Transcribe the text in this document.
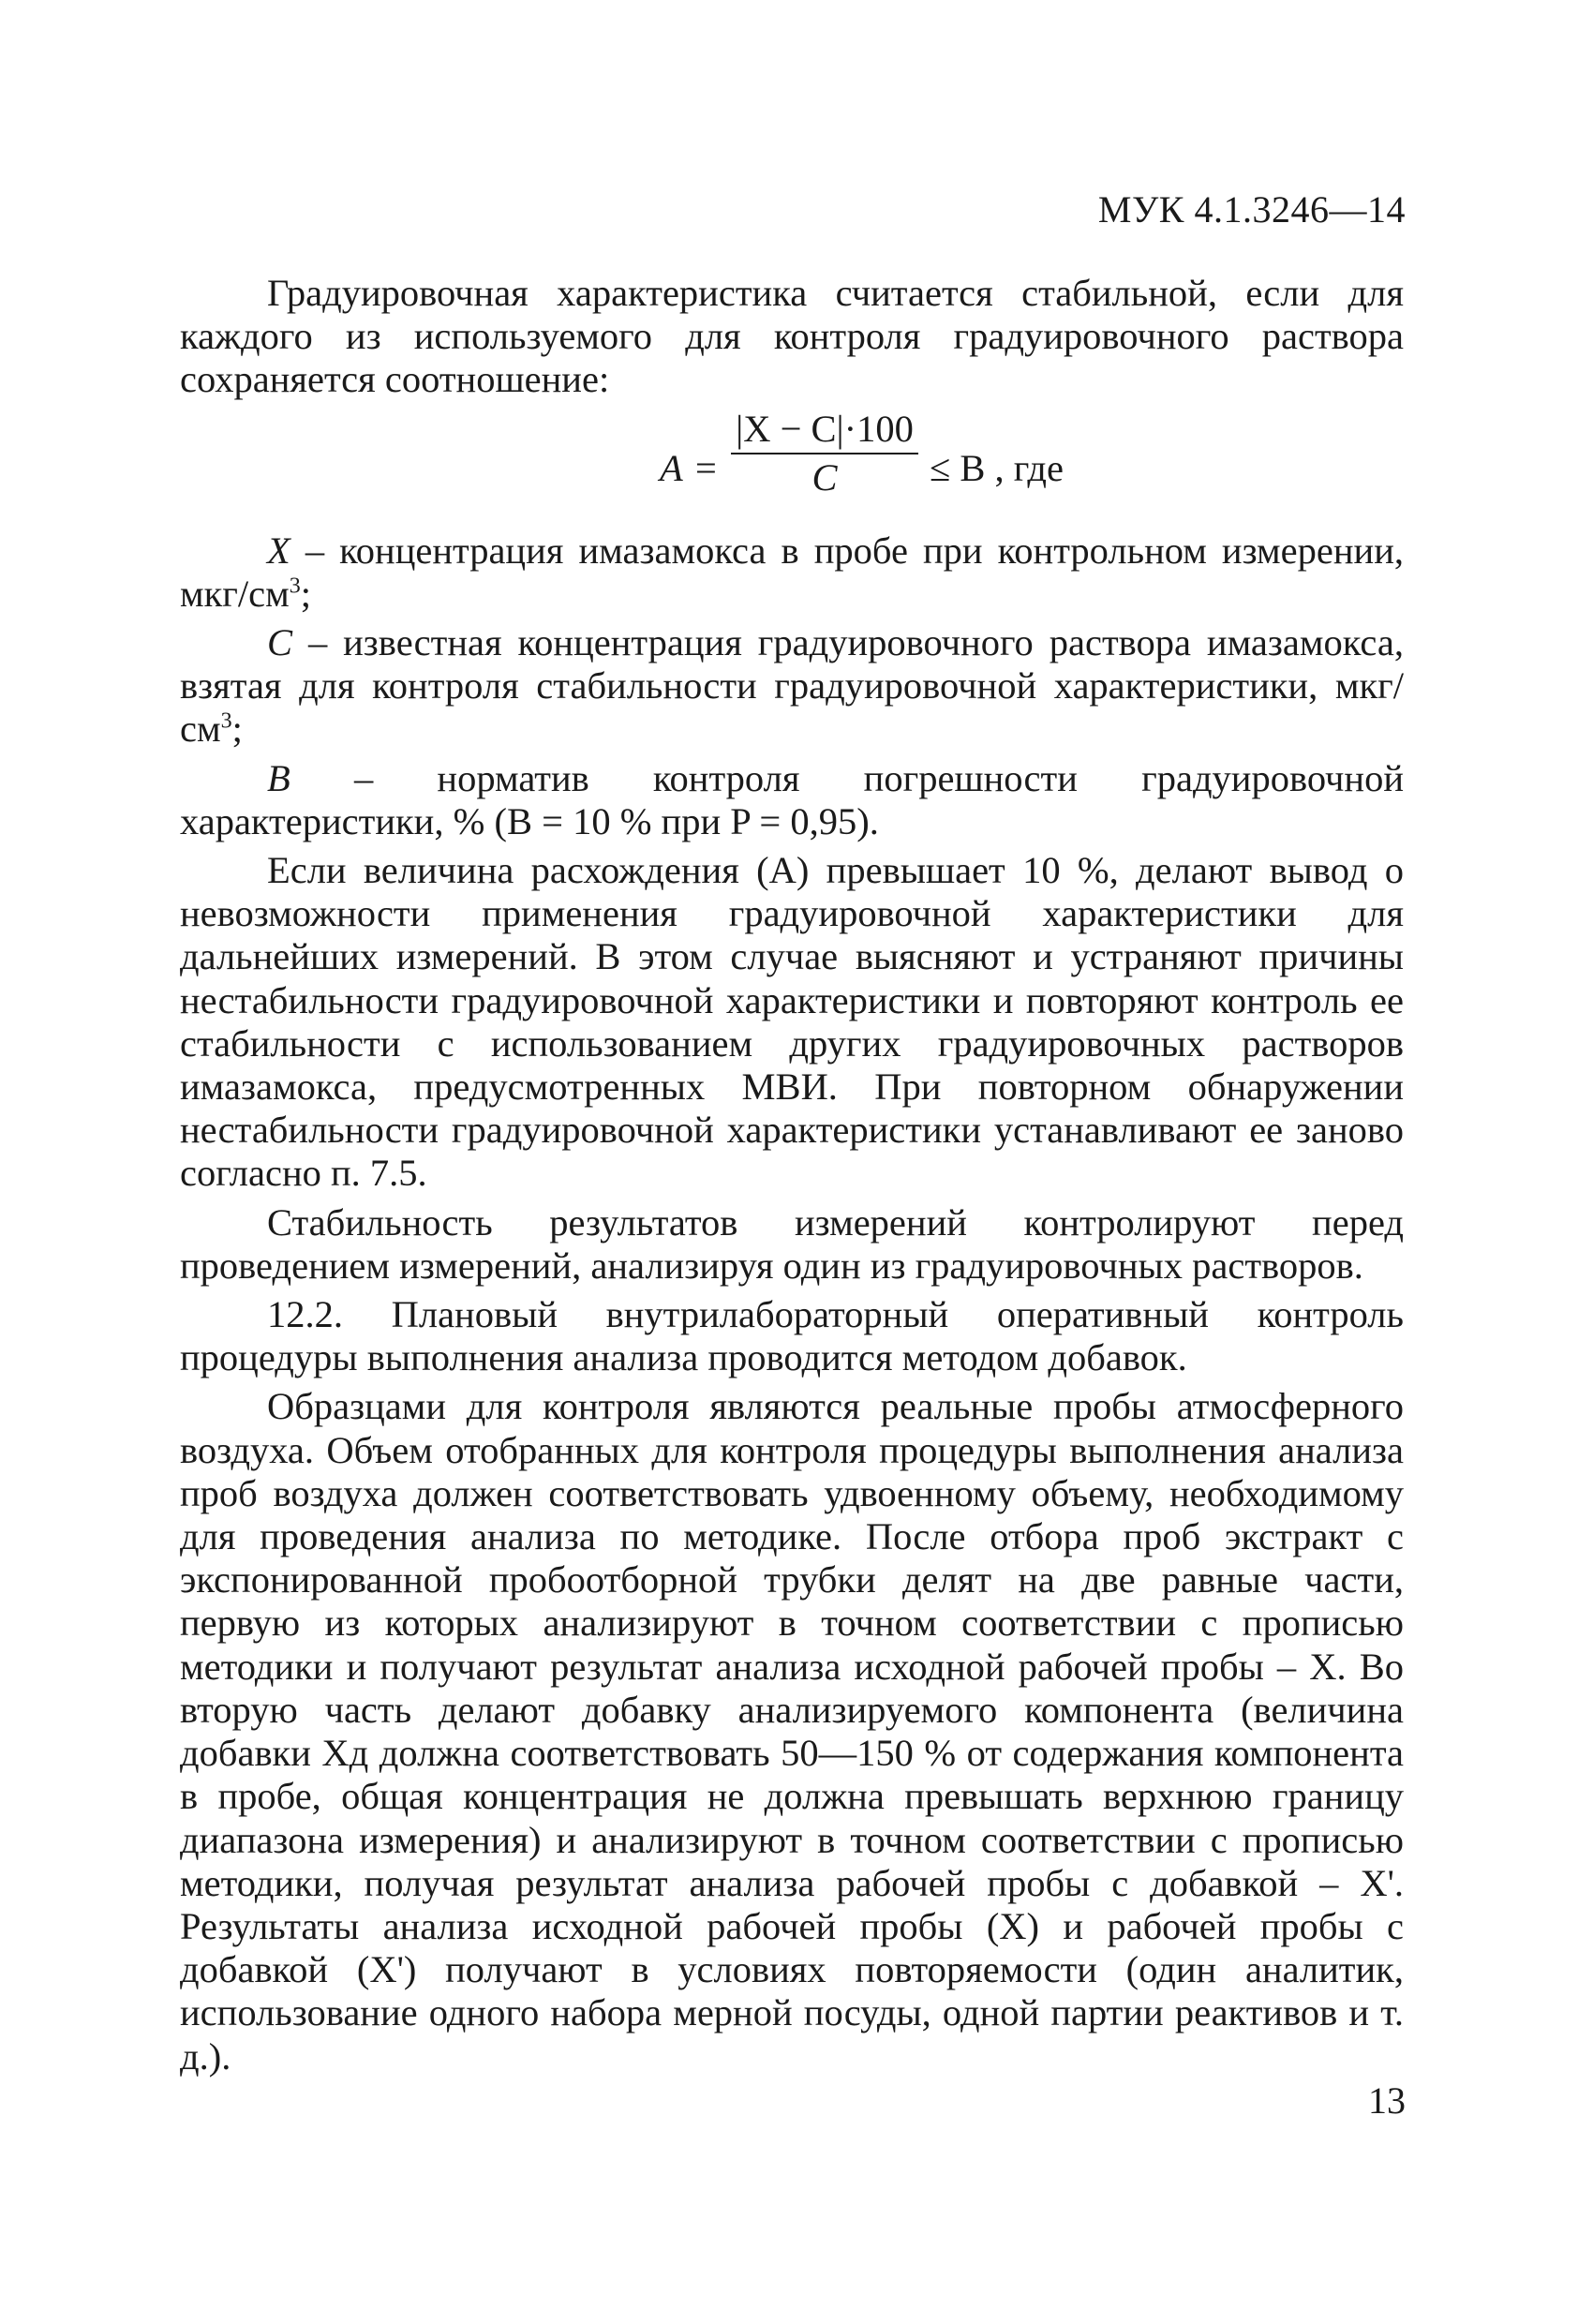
МУК 4.1.3246—14

Градуировочная характеристика считается стабильной, если для каждого из используемого для контроля градуировочного раствора сохраняется соотношение:

A =
|X − C|·100
C	≤ B , где

X – концентрация имазамокса в пробе при контрольном измерении, мкг/$см^3$;

C – известная концентрация градуировочного раствора имазамокса, взятая для контроля стабильности градуировочной характеристики, мкг/$см^3$;

B – норматив контроля погрешности градуировочной характеристики, % (B = 10 % при P = 0,95).

Если величина расхождения (A) превышает 10 %, делают вывод о невозможности применения градуировочной характеристики для дальнейших измерений. В этом случае выясняют и устраняют причины нестабильности градуировочной характеристики и повторяют контроль ее стабильности с использованием других градуировочных растворов имазамокса, предусмотренных МВИ. При повторном обнаружении нестабильности градуировочной характеристики устанавливают ее заново согласно п. 7.5.

Стабильность результатов измерений контролируют перед проведением измерений, анализируя один из градуировочных растворов.

12.2. Плановый внутрилабораторный оперативный контроль процедуры выполнения анализа проводится методом добавок.

Образцами для контроля являются реальные пробы атмосферного воздуха. Объем отобранных для контроля процедуры выполнения анализа проб воздуха должен соответствовать удвоенному объему, необходимому для проведения анализа по методике. После отбора проб экстракт с экспонированной пробоотборной трубки делят на две равные части, первую из которых анализируют в точном соответствии с прописью методики и получают результат анализа исходной рабочей пробы – X. Во вторую часть делают добавку анализируемого компонента (величина добавки Xд должна соответствовать 50—150 % от содержания компонента в пробе, общая концентрация не должна превышать верхнюю границу диапазона измерения) и анализируют в точном соответствии с прописью методики, получая результат анализа рабочей пробы с добавкой – X'. Результаты анализа исходной рабочей пробы (X) и рабочей пробы с добавкой (X') получают в условиях повторяемости (один аналитик, использование одного набора мерной посуды, одной партии реактивов и т. д.).

13
